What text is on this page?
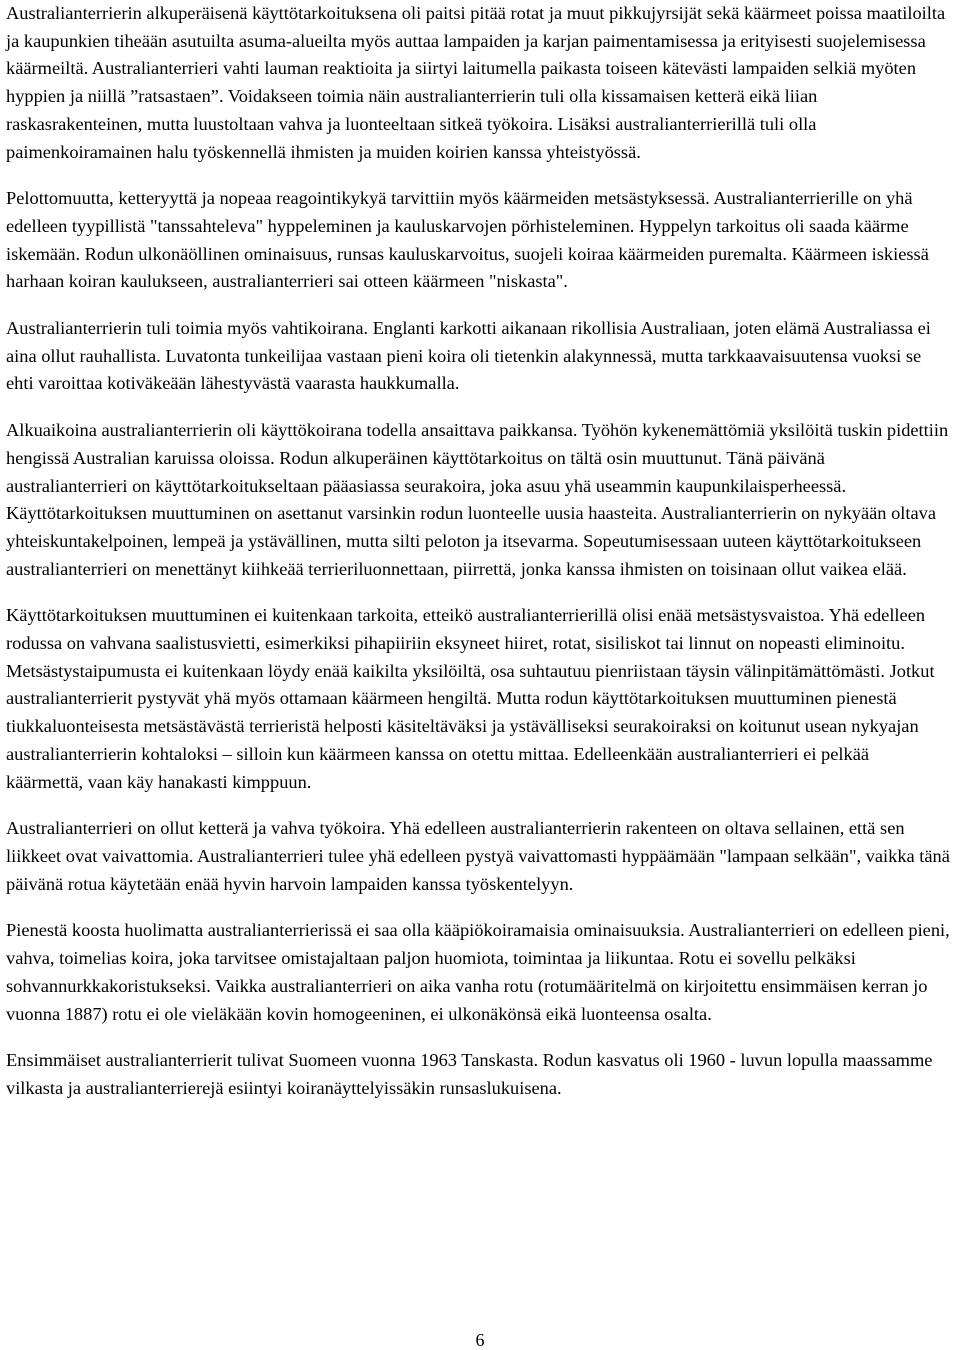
Australianterrierin alkuperäisenä käyttötarkoituksena oli paitsi pitää rotat ja muut pikkujyrsijät sekä käärmeet poissa maatiloilta ja kaupunkien tiheään asutuilta asuma-alueilta myös auttaa lampaiden ja karjan paimentamisessa ja erityisesti suojelemisessa käärmeiltä. Australianterrieri vahti lauman reaktioita ja siirtyi laitumella paikasta toiseen kätevästi lampaiden selkiä myöten hyppien ja niillä ”ratsastaen”. Voidakseen toimia näin australianterrierin tuli olla kissamaisen ketterä eikä liian raskasrakenteinen, mutta luustoltaan vahva ja luonteeltaan sitkeä työkoira. Lisäksi australianterrierillä tuli olla paimenkoiramainen halu työskennellä ihmisten ja muiden koirien kanssa yhteistyössä.

Pelottomuutta, ketteryyttä ja nopeaa reagointikykyä tarvittiin myös käärmeiden metsästyksessä. Australianterrierille on yhä edelleen tyypillistä "tanssahteleva" hyppeleminen ja kauluskarvojen pörhisteleminen. Hyppelyn tarkoitus oli saada käärme iskemään. Rodun ulkonäöllinen ominaisuus, runsas kauluskarvoitus, suojeli koiraa käärmeiden puremalta. Käärmeen iskiessä harhaan koiran kaulukseen, australianterrieri sai otteen käärmeen "niskasta".

Australianterrierin tuli toimia myös vahtikoirana. Englanti karkotti aikanaan rikollisia Australiaan, joten elämä Australiassa ei aina ollut rauhallista. Luvatonta tunkeilijaa vastaan pieni koira oli tietenkin alakynnessä, mutta tarkkaavaisuutensa vuoksi se ehti varoittaa kotiväkeään lähestyvästä vaarasta haukkumalla.

Alkuaikoina australianterrierin oli käyttökoirana todella ansaittava paikkansa. Työhön kykenemättömiä yksilöitä tuskin pidettiin hengissä Australian karuissa oloissa. Rodun alkuperäinen käyttötarkoitus on tältä osin muuttunut. Tänä päivänä australianterrieri on käyttötarkoitukseltaan pääasiassa seurakoira, joka asuu yhä useammin kaupunkilaisperheessä. Käyttötarkoituksen muuttuminen on asettanut varsinkin rodun luonteelle uusia haasteita. Australianterrierin on nykyään oltava yhteiskuntakelpoinen, lempeä ja ystävällinen, mutta silti peloton ja itsevarma. Sopeutumisessaan uuteen käyttötarkoitukseen australianterrieri on menettänyt kiihkeää terrieriluonnettaan, piirrettä, jonka kanssa ihmisten on toisinaan ollut vaikea elää.

Käyttötarkoituksen muuttuminen ei kuitenkaan tarkoita, etteikö australianterrierillä olisi enää metsästysvaistoa. Yhä edelleen rodussa on vahvana saalistusvietti, esimerkiksi pihapiiriin eksyneet hiiret, rotat, sisiliskot tai linnut on nopeasti eliminoitu. Metsästystaipumusta ei kuitenkaan löydy enää kaikilta yksilöiltä, osa suhtautuu pienriistaan täysin välinpitämättömästi. Jotkut australianterrierit pystyvät yhä myös ottamaan käärmeen hengiltä. Mutta rodun käyttötarkoituksen muuttuminen pienestä tiukkaluonteisesta metsästävästä terrieristä helposti käsiteltäväksi ja ystävälliseksi seurakoiraksi on koitunut usean nykyajan australianterrierin kohtaloksi – silloin kun käärmeen kanssa on otettu mittaa. Edelleenkään australianterrieri ei pelkää käärmettä, vaan käy hanakasti kimppuun.

Australianterrieri on ollut ketterä ja vahva työkoira. Yhä edelleen australianterrierin rakenteen on oltava sellainen, että sen liikkeet ovat vaivattomia. Australianterrieri tulee yhä edelleen pystyä vaivattomasti hyppäämään "lampaan selkään", vaikka tänä päivänä rotua käytetään enää hyvin harvoin lampaiden kanssa työskentelyyn.

Pienestä koosta huolimatta australianterrierissä ei saa olla kääpiökoiramaisia ominaisuuksia. Australianterrieri on edelleen pieni, vahva, toimelias koira, joka tarvitsee omistajaltaan paljon huomiota, toimintaa ja liikuntaa. Rotu ei sovellu pelkäksi sohvannurkkakoristukseksi. Vaikka australianterrieri on aika vanha rotu (rotumääritelmä on kirjoitettu ensimmäisen kerran jo vuonna 1887) rotu ei ole vieläkään kovin homogeeninen, ei ulkonäkönsä eikä luonteensa osalta.

Ensimmäiset australianterrierit tulivat Suomeen vuonna 1963 Tanskasta. Rodun kasvatus oli 1960 - luvun lopulla maassamme vilkasta ja australianterrierejä esiintyi koiranäyttelyissäkin runsaslukuisena.

6
